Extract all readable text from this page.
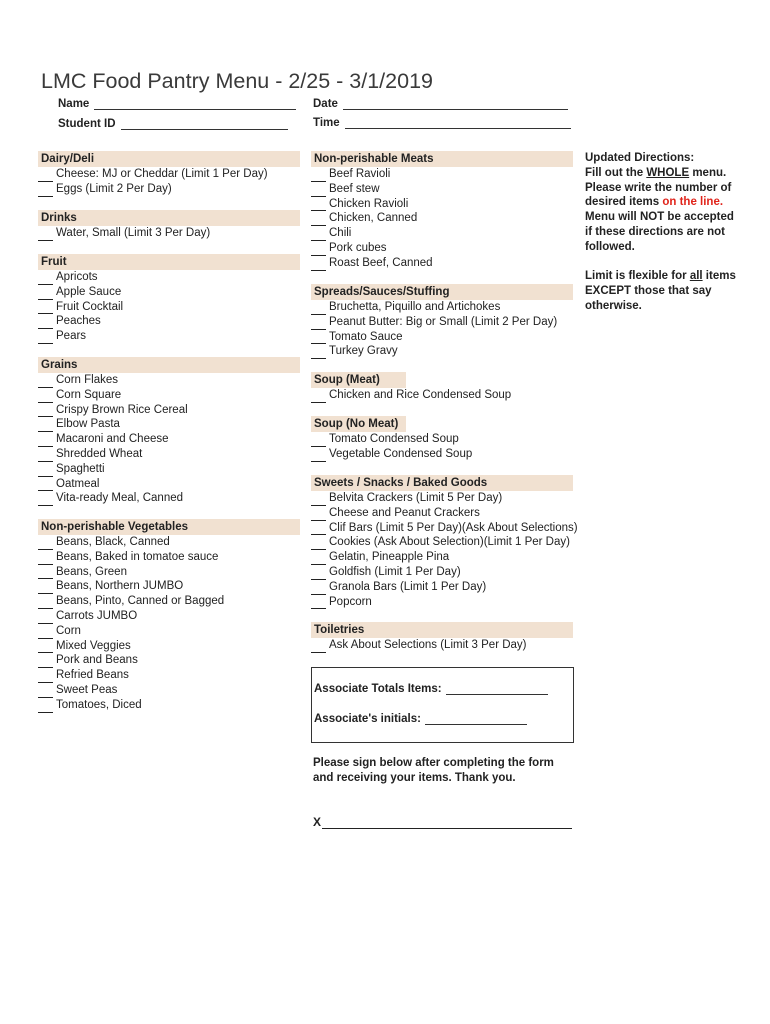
LMC Food Pantry Menu - 2/25 - 3/1/2019
Name	Date
Student ID	Time
Dairy/Deli
Cheese: MJ or Cheddar (Limit 1 Per Day)
Eggs (Limit 2 Per Day)
Drinks
Water, Small (Limit 3 Per Day)
Fruit
Apricots
Apple Sauce
Fruit Cocktail
Peaches
Pears
Grains
Corn Flakes
Corn Square
Crispy Brown Rice Cereal
Elbow Pasta
Macaroni and Cheese
Shredded Wheat
Spaghetti
Oatmeal
Vita-ready Meal, Canned
Non-perishable Vegetables
Beans, Black, Canned
Beans, Baked in tomatoe sauce
Beans, Green
Beans, Northern JUMBO
Beans, Pinto, Canned or Bagged
Carrots JUMBO
Corn
Mixed Veggies
Pork and Beans
Refried Beans
Sweet Peas
Tomatoes, Diced
Non-perishable Meats
Beef Ravioli
Beef stew
Chicken Ravioli
Chicken, Canned
Chili
Pork cubes
Roast Beef, Canned
Spreads/Sauces/Stuffing
Bruchetta, Piquillo and Artichokes
Peanut Butter: Big or Small (Limit 2 Per Day)
Tomato Sauce
Turkey Gravy
Soup (Meat)
Chicken and Rice Condensed Soup
Soup (No Meat)
Tomato Condensed Soup
Vegetable Condensed Soup
Sweets / Snacks / Baked Goods
Belvita Crackers (Limit 5 Per Day)
Cheese and Peanut Crackers
Clif Bars (Limit 5 Per Day)(Ask About Selections)
Cookies (Ask About Selection)(Limit 1 Per Day)
Gelatin, Pineapple Pina
Goldfish (Limit 1 Per Day)
Granola Bars (Limit 1 Per Day)
Popcorn
Toiletries
Ask About Selections (Limit 3 Per Day)
Updated Directions:
Fill out the WHOLE menu.
Please write the number of
desired items on the line.
Menu will NOT be accepted
if these directions are not
followed.
Limit is flexible for all items
EXCEPT those that say
otherwise.
Associate Totals Items:
Associate's initials:
Please sign below after completing the form and receiving your items. Thank you.
X
